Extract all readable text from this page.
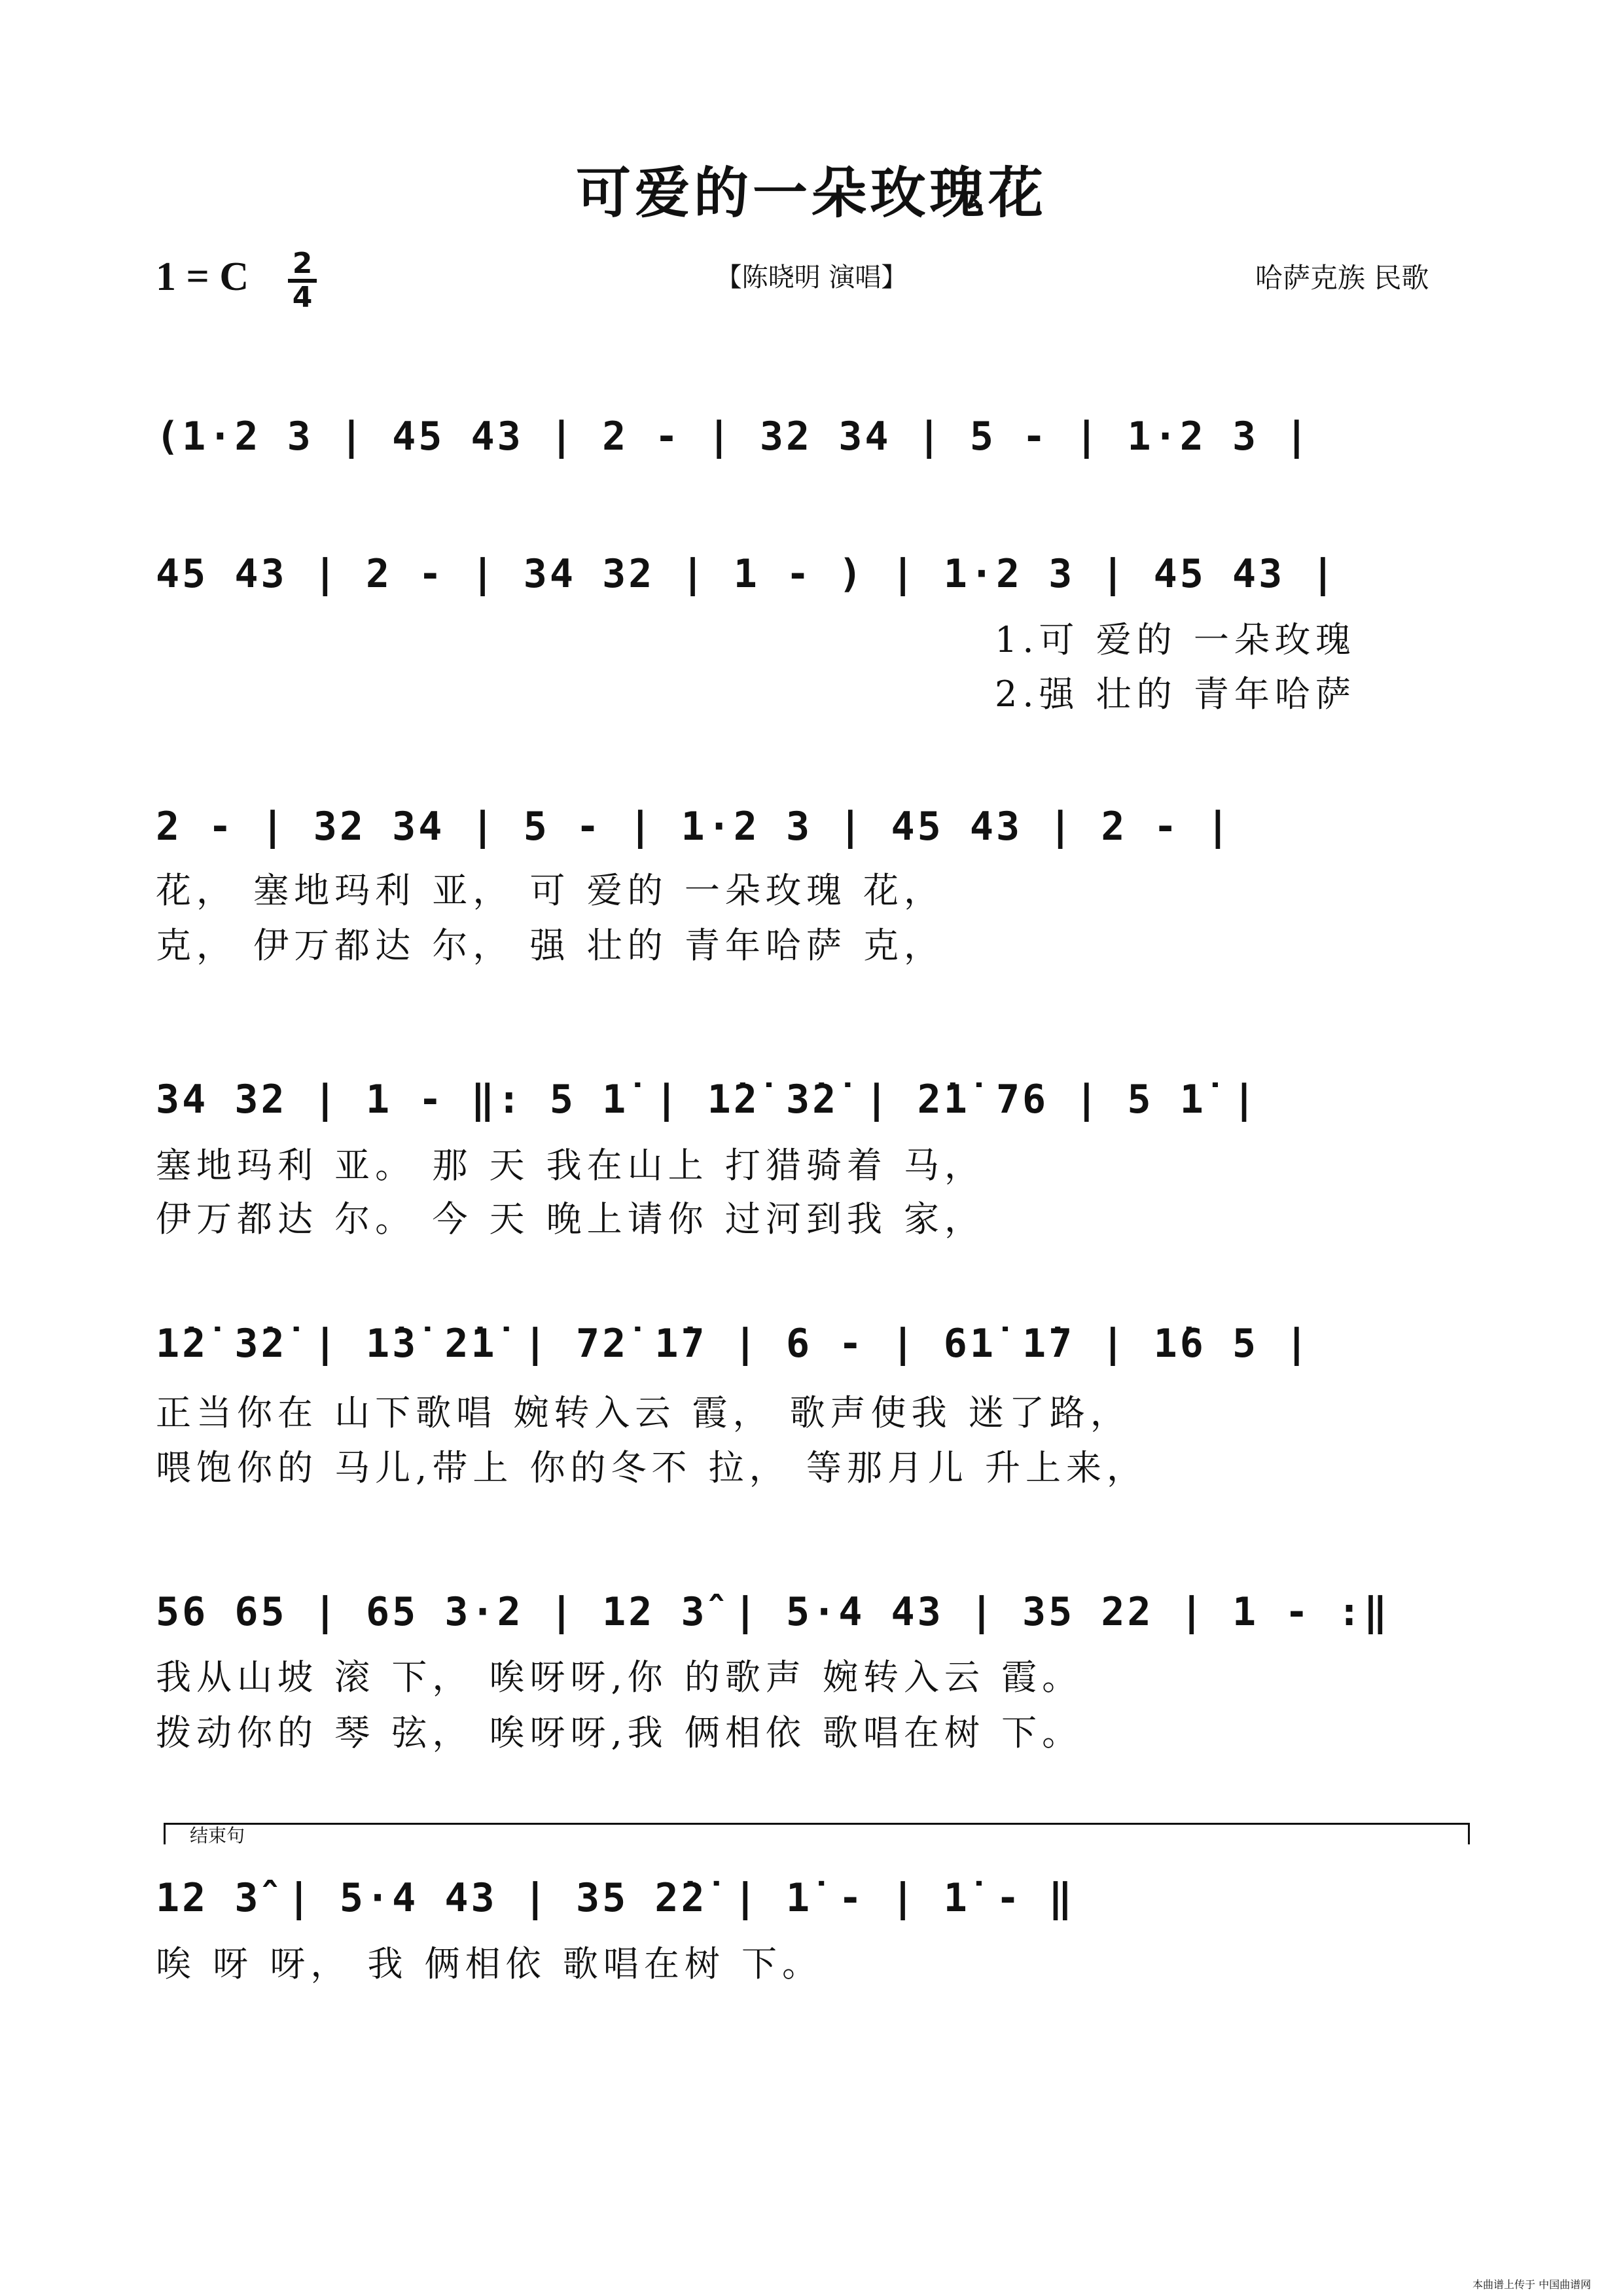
可爱的一朵玫瑰花
1 = C 2
4
【陈晓明 演唱】	哈萨克族 民歌
(1·2 3 | 45 43 | 2 - | 32 34 | 5 - | 1·2 3 |
45 43 | 2 - | 34 32 | 1 - ) | 1·2 3 | 45 43 |
1.可 爱的 一朵玫瑰
2.强 壮的 青年哈萨
2 - | 32 34 | 5 - | 1·2 3 | 45 43 | 2 - |
花， 塞地玛利 亚， 可 爱的 一朵玫瑰 花，
克， 伊万都达 尔， 强 壮的 青年哈萨 克，
34 32 | 1 - ‖: 5 1̇ | 1̇2̇ 3̇2̇ | 2̇1̇ 76 | 5 1̇ |
塞地玛利 亚。 那 天 我在山上 打猎骑着 马，
伊万都达 尔。 今 天 晚上请你 过河到我 家，
1̇2̇ 3̇2̇ | 1̇3̇ 2̇1̇ | 72̇ 1̇7 | 6 - | 61̇ 1̇7 | 1̇6 5 |
正当你在 山下歌唱 婉转入云 霞， 歌声使我 迷了路，
喂饱你的 马儿,带上 你的冬不 拉， 等那月儿 升上来，
56 65 | 65 3·2 | 12 3̂ | 5·4 43 | 35 22 | 1 - :‖
我从山坡 滚 下， 唉呀呀,你 的歌声 婉转入云 霞。
拨动你的 琴 弦， 唉呀呀,我 俩相依 歌唱在树 下。
结束句
12 3̂ | 5·4 43 | 35 2̇2̇ | 1̇ - | 1̇ - ‖
唉 呀 呀， 我 俩相依 歌唱在树 下。
本曲谱上传于 中国曲谱网
